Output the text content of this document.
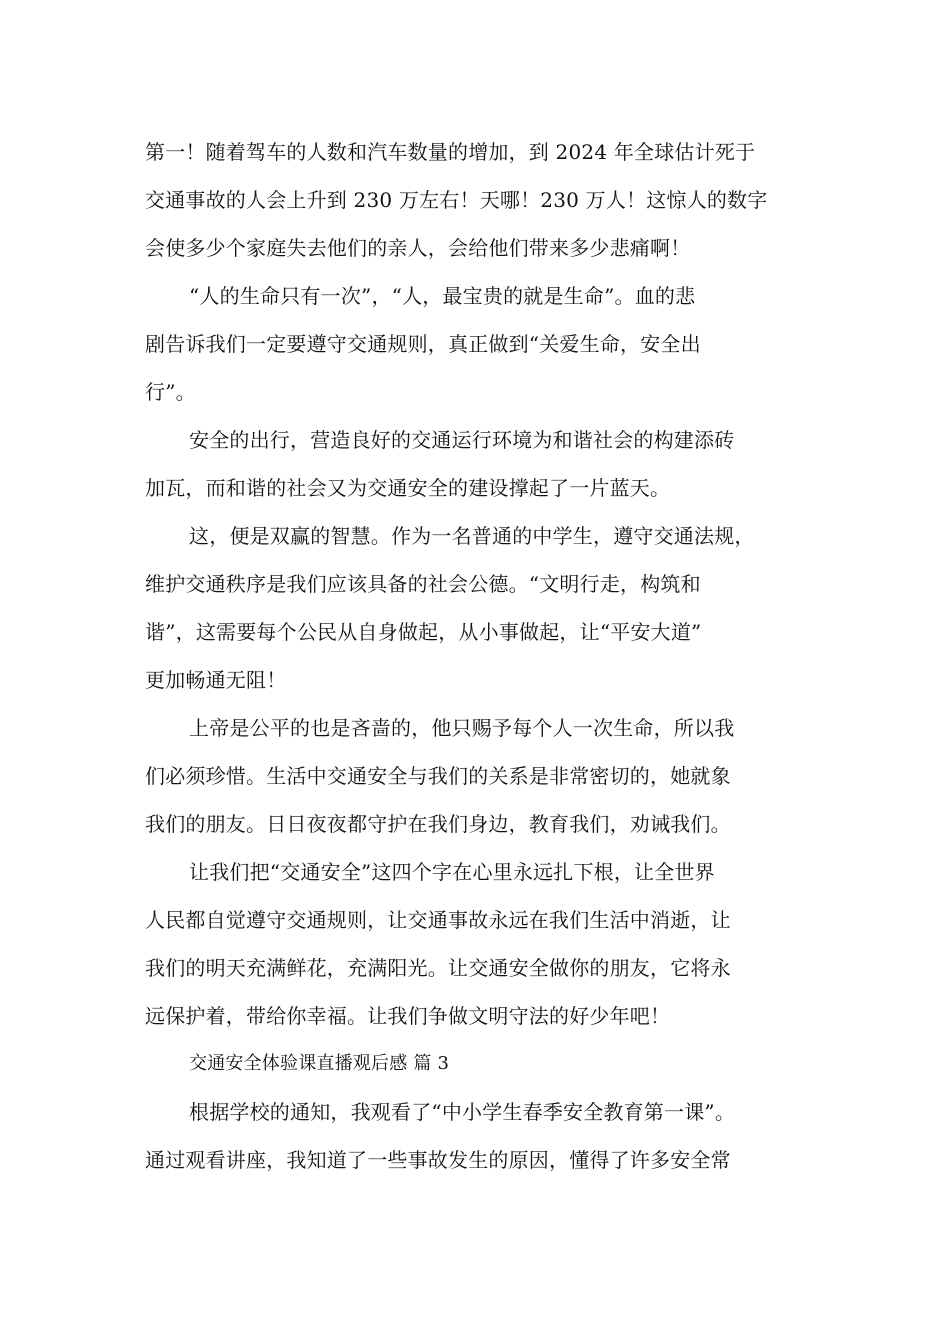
第一！随着驾车的人数和汽车数量的增加，到 2024 年全球估计死于
交通事故的人会上升到 230 万左右！天哪！230 万人！这惊人的数字
会使多少个家庭失去他们的亲人，会给他们带来多少悲痛啊！
“人的生命只有一次”，“人，最宝贵的就是生命”。血的悲
剧告诉我们一定要遵守交通规则，真正做到“关爱生命，安全出
行”。
安全的出行，营造良好的交通运行环境为和谐社会的构建添砖
加瓦，而和谐的社会又为交通安全的建设撑起了一片蓝天。
这，便是双赢的智慧。作为一名普通的中学生，遵守交通法规，
维护交通秩序是我们应该具备的社会公德。“文明行走，构筑和
谐”，这需要每个公民从自身做起，从小事做起，让“平安大道”
更加畅通无阻！
上帝是公平的也是吝啬的，他只赐予每个人一次生命，所以我
们必须珍惜。生活中交通安全与我们的关系是非常密切的，她就象
我们的朋友。日日夜夜都守护在我们身边，教育我们，劝诫我们。
让我们把“交通安全”这四个字在心里永远扎下根，让全世界
人民都自觉遵守交通规则，让交通事故永远在我们生活中消逝，让
我们的明天充满鲜花，充满阳光。让交通安全做你的朋友，它将永
远保护着，带给你幸福。让我们争做文明守法的好少年吧！
交通安全体验课直播观后感 篇 3
根据学校的通知，我观看了“中小学生春季安全教育第一课”。
通过观看讲座，我知道了一些事故发生的原因，懂得了许多安全常
